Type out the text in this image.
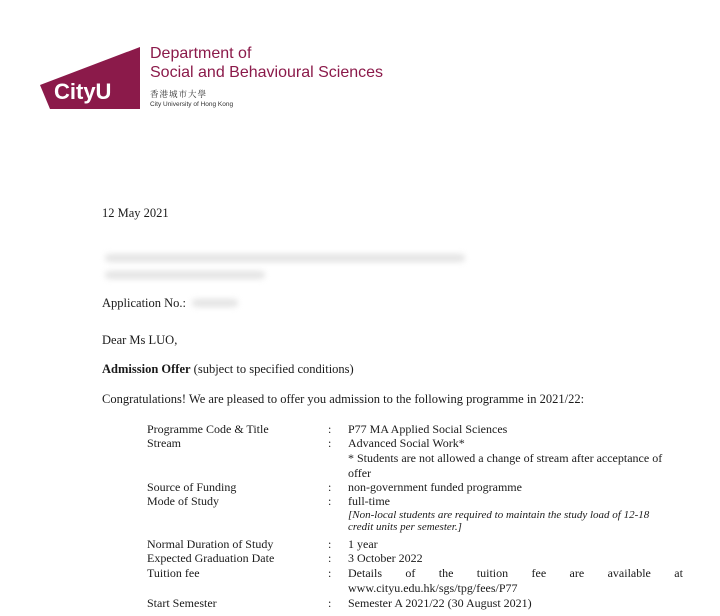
CityU
Department of
Social and Behavioural Sciences
香港城市大學
City University of Hong Kong
12 May 2021
Application No.:
Dear Ms LUO,
Admission Offer (subject to specified conditions)
Congratulations! We are pleased to offer you admission to the following programme in 2021/22:
Programme Code & Title	: P77 MA Applied Social Sciences
Stream	: Advanced Social Work*
* Students are not allowed a change of stream after acceptance of
offer
Source of Funding	: non-government funded programme
Mode of Study	: full-time
[Non-local students are required to maintain the study load of 12-18
credit units per semester.]
Normal Duration of Study	: 1 year
Expected Graduation Date	: 3 October 2022
Tuition fee	: Details of the tuition fee are available at
www.cityu.edu.hk/sgs/tpg/fees/P77
Start Semester	: Semester A 2021/22 (30 August 2021)
